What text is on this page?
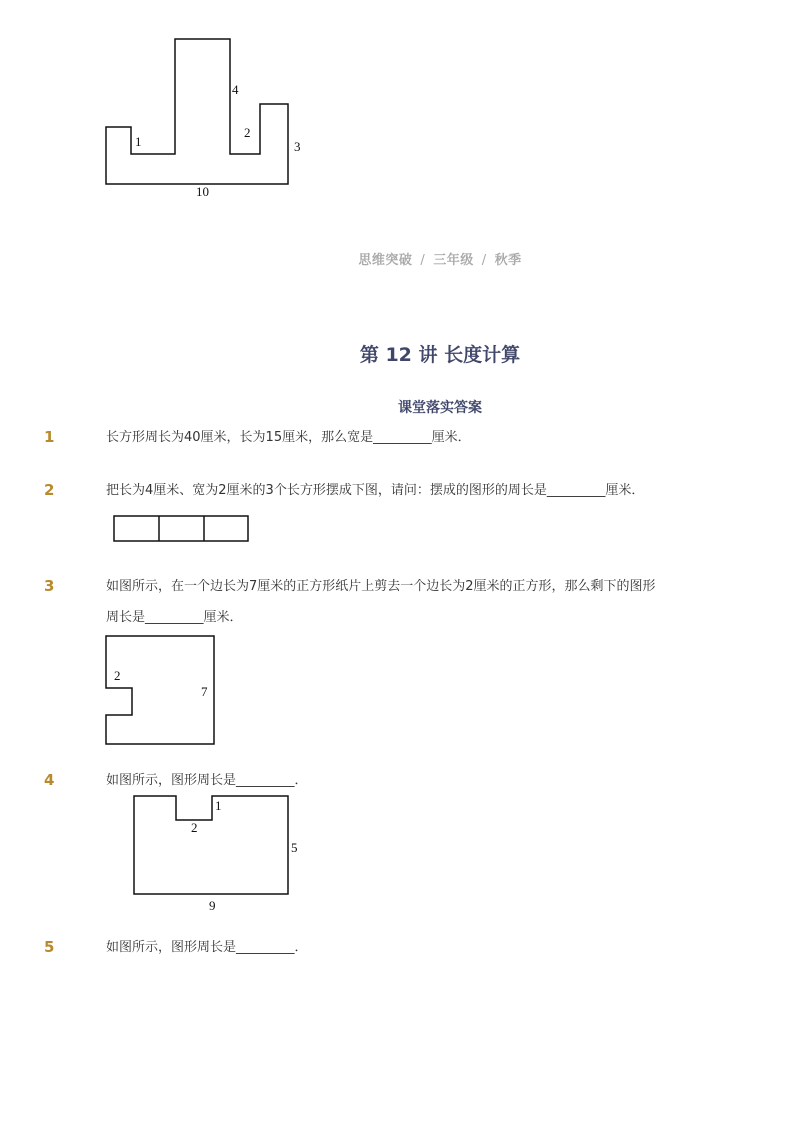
1
4
2
3
10
思维突破 / 三年级 / 秋季
第 12 讲 长度计算
课堂落实答案
1	长方形周长为40厘米，长为15厘米，那么宽是_________厘米．
2	把长为4厘米、宽为2厘米的3个长方形摆成下图，请问：摆成的图形的周长是_________厘米．
3	如图所示，在一个边长为7厘米的正方形纸片上剪去一个边长为2厘米的正方形，那么剩下的图形
周长是_________厘米．
2
7
4	如图所示，图形周长是_________．
1
2
5
9
5	如图所示，图形周长是_________．
